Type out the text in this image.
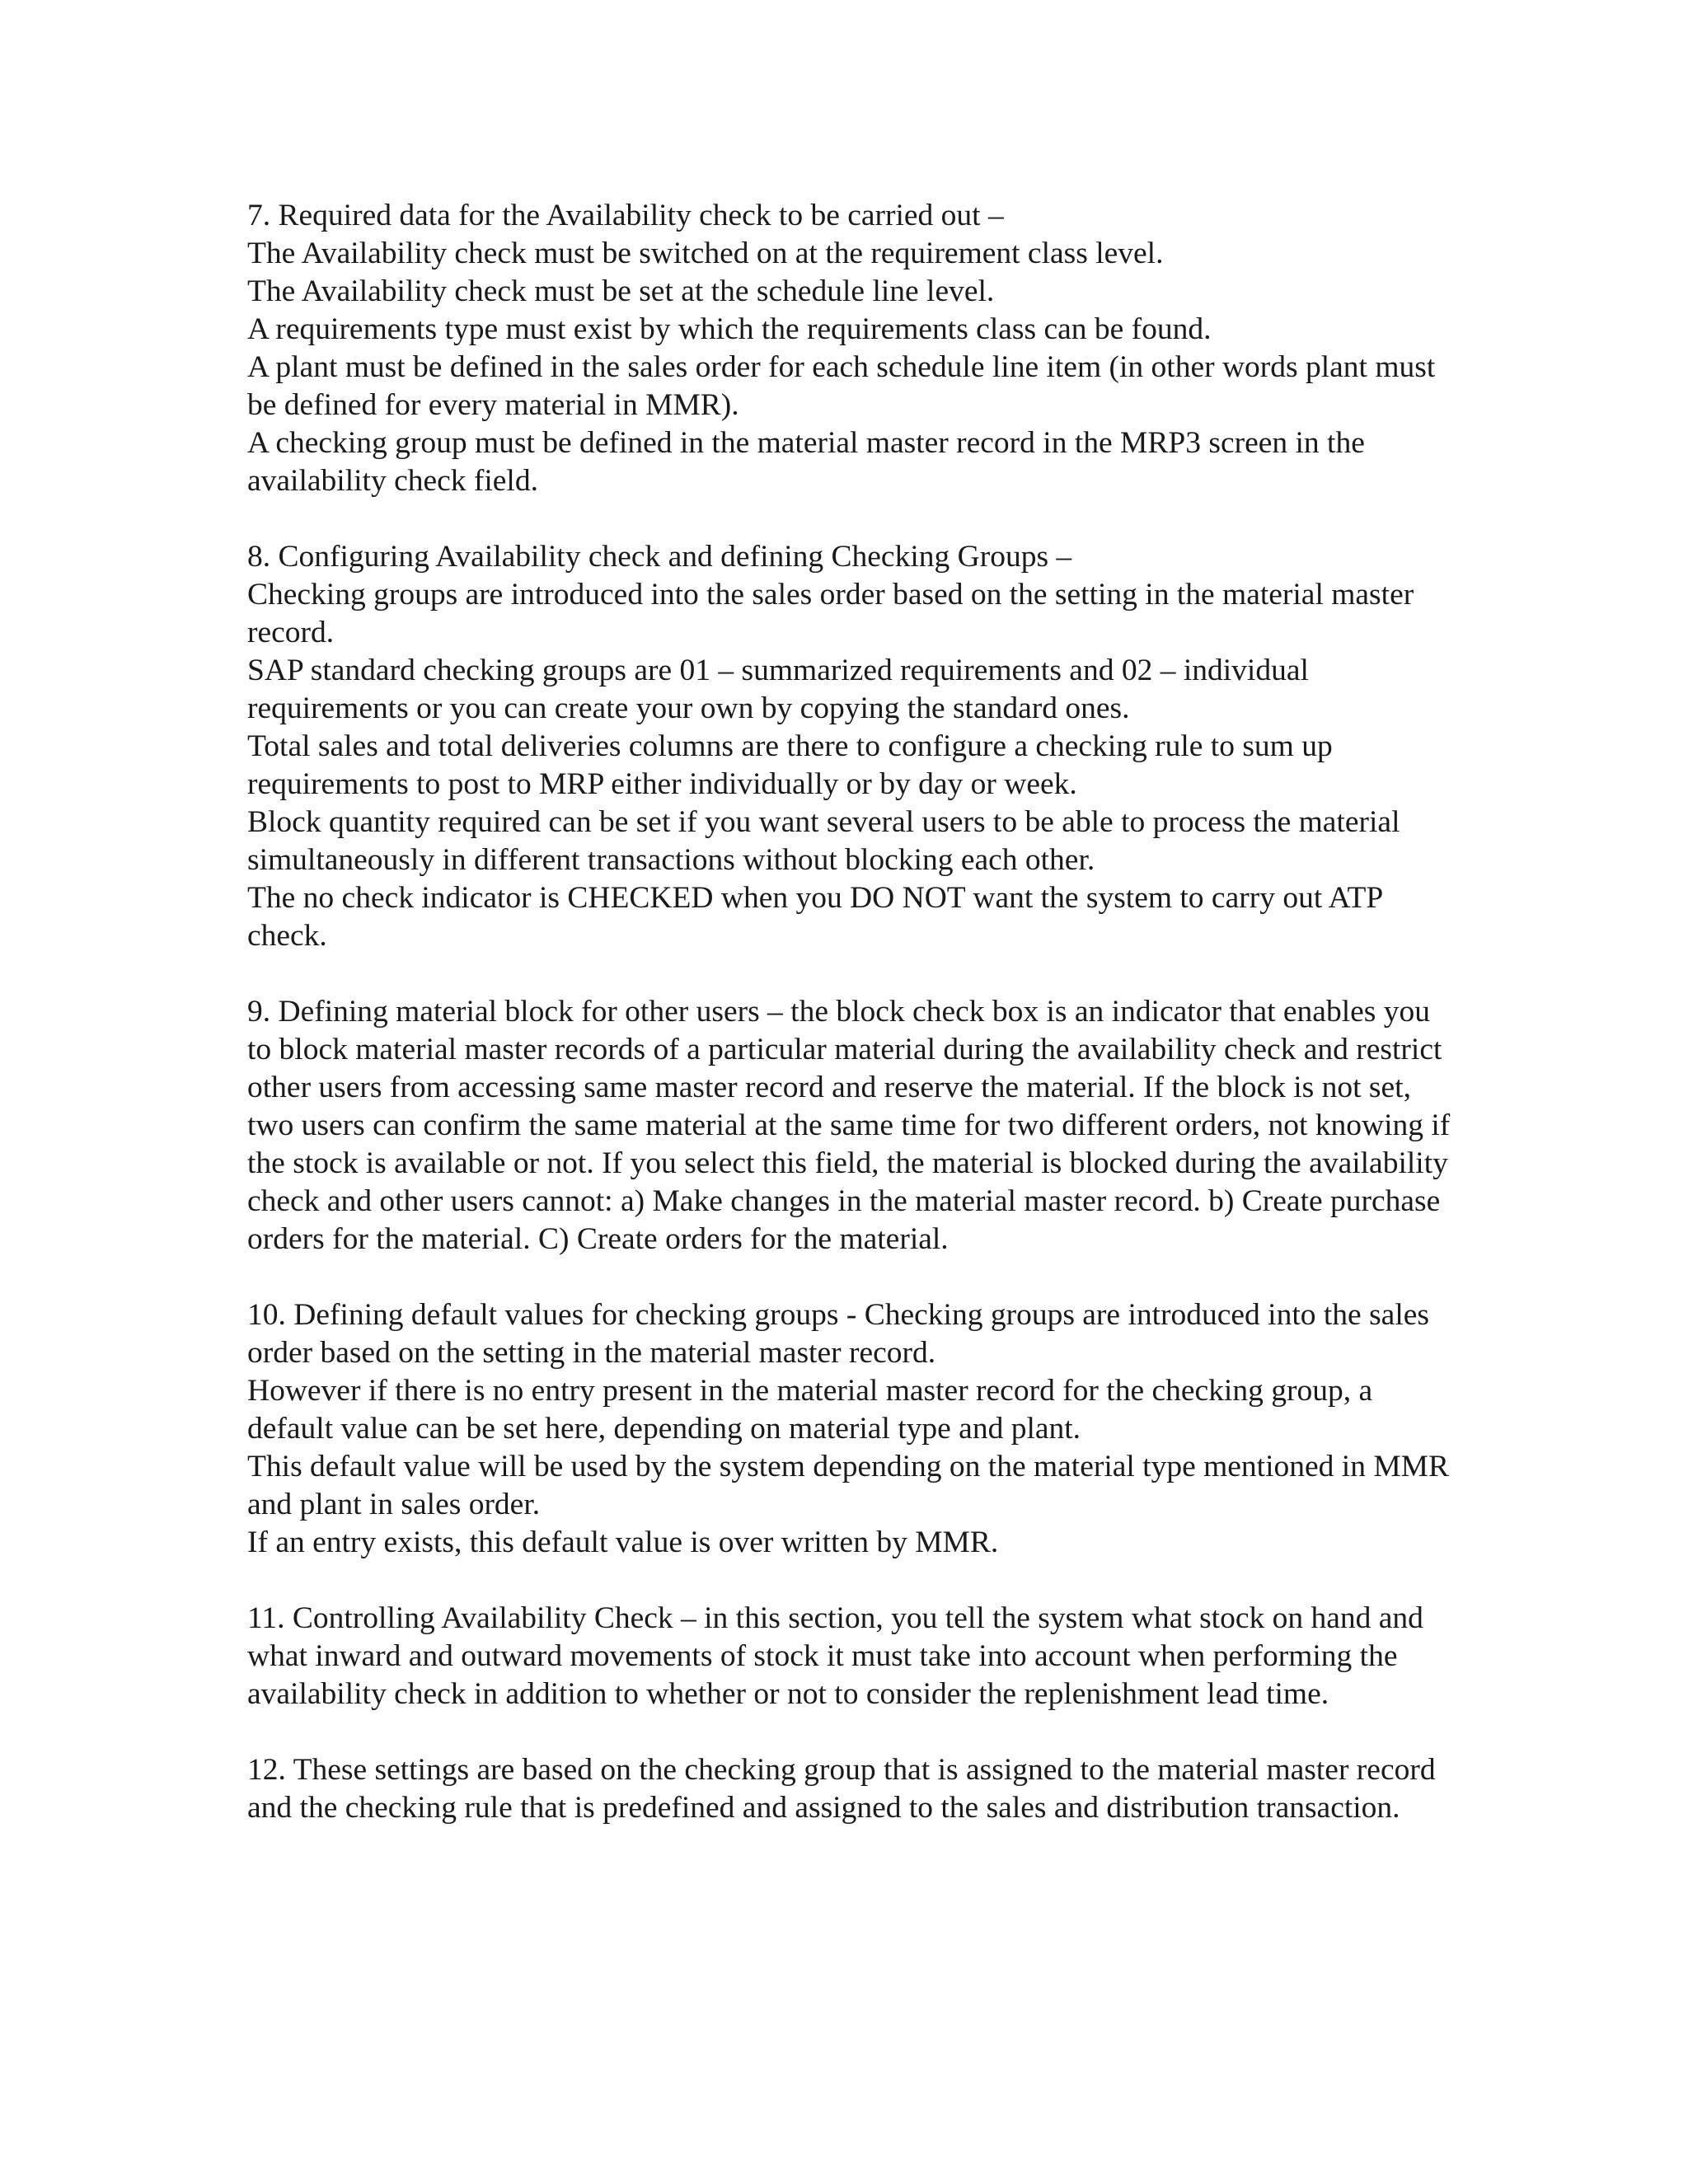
7. Required data for the Availability check to be carried out –

The Availability check must be switched on at the requirement class level.

The Availability check must be set at the schedule line level.

A requirements type must exist by which the requirements class can be found.

A plant must be defined in the sales order for each schedule line item (in other words plant must be defined for every material in MMR).

A checking group must be defined in the material master record in the MRP3 screen in the availability check field.

8. Configuring Availability check and defining Checking Groups –

Checking groups are introduced into the sales order based on the setting in the material master record.

SAP standard checking groups are 01 – summarized requirements and 02 – individual requirements or you can create your own by copying the standard ones.

Total sales and total deliveries columns are there to configure a checking rule to sum up requirements to post to MRP either individually or by day or week.

Block quantity required can be set if you want several users to be able to process the material simultaneously in different transactions without blocking each other.

The no check indicator is CHECKED when you DO NOT want the system to carry out ATP check.

9. Defining material block for other users – the block check box is an indicator that enables you to block material master records of a particular material during the availability check and restrict other users from accessing same master record and reserve the material. If the block is not set, two users can confirm the same material at the same time for two different orders, not knowing if the stock is available or not. If you select this field, the material is blocked during the availability check and other users cannot: a) Make changes in the material master record. b) Create purchase orders for the material. C) Create orders for the material.

10. Defining default values for checking groups - Checking groups are introduced into the sales order based on the setting in the material master record.

However if there is no entry present in the material master record for the checking group, a default value can be set here, depending on material type and plant.

This default value will be used by the system depending on the material type mentioned in MMR and plant in sales order.

If an entry exists, this default value is over written by MMR.

11. Controlling Availability Check – in this section, you tell the system what stock on hand and what inward and outward movements of stock it must take into account when performing the availability check in addition to whether or not to consider the replenishment lead time.

12. These settings are based on the checking group that is assigned to the material master record and the checking rule that is predefined and assigned to the sales and distribution transaction.
